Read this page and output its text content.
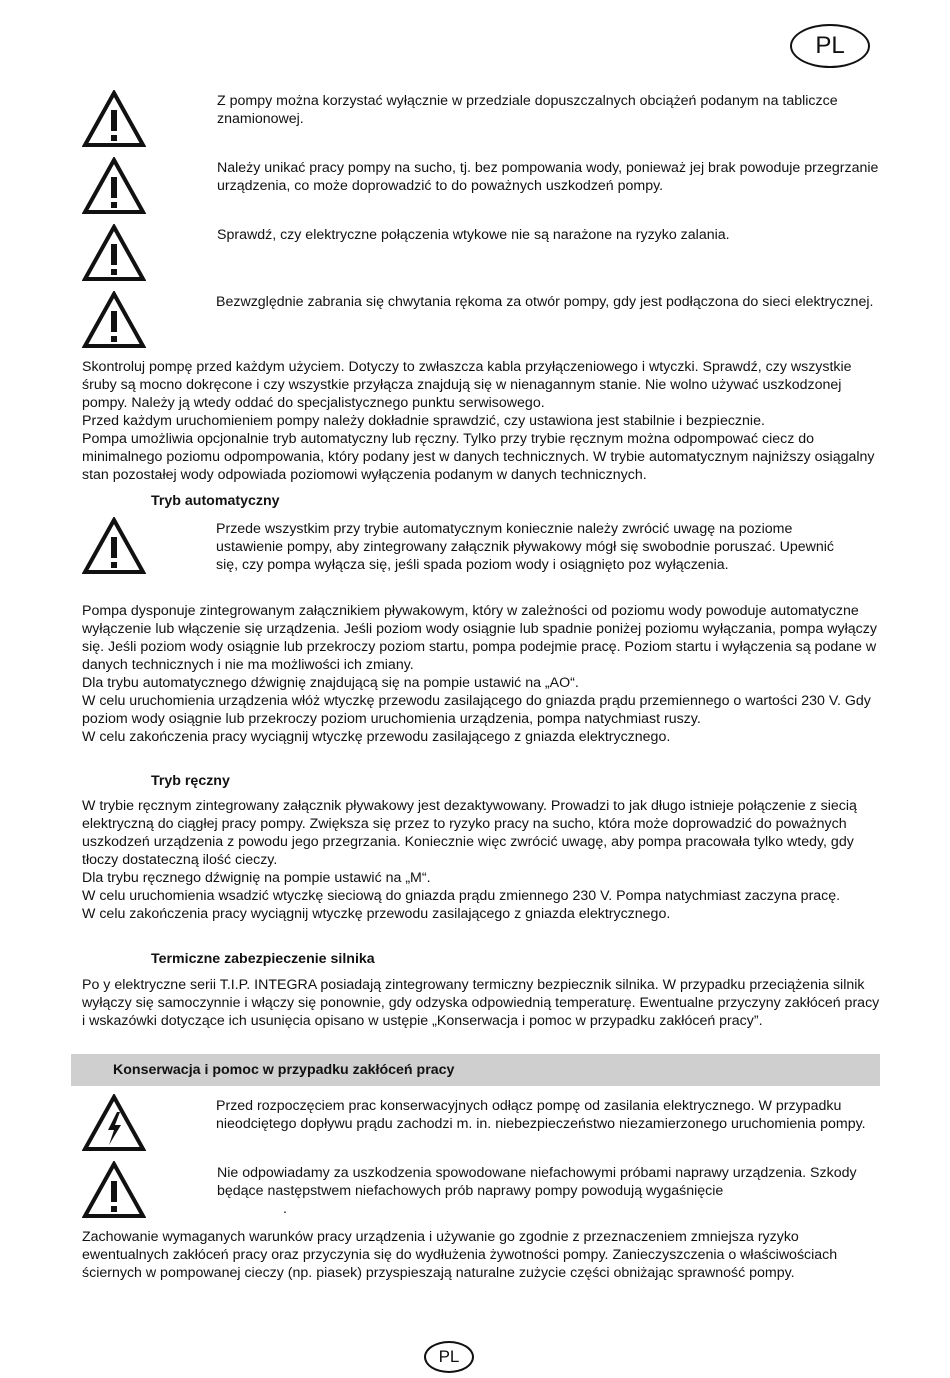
PL
PL
Z pompy można korzystać wyłącznie w przedziale dopuszczalnych obciążeń podanym na tabliczce znamionowej.
Należy unikać pracy pompy na sucho, tj. bez pompowania wody, ponieważ jej brak powoduje przegrzanie urządzenia, co może doprowadzić to do poważnych uszkodzeń pompy.
Sprawdź, czy elektryczne połączenia wtykowe nie są narażone na ryzyko zalania.
Bezwzględnie zabrania się chwytania rękoma za otwór pompy, gdy jest podłączona do sieci elektrycznej.

Skontroluj pompę przed każdym użyciem. Dotyczy to zwłaszcza kabla przyłączeniowego i wtyczki. Sprawdź, czy wszystkie śruby są mocno dokręcone i czy wszystkie przyłącza znajdują się w nienagannym stanie. Nie wolno używać uszkodzonej pompy. Należy ją wtedy oddać do specjalistycznego punktu serwisowego.

Przed każdym uruchomieniem pompy należy dokładnie sprawdzić, czy ustawiona jest stabilnie i bezpiecznie.

Pompa umożliwia opcjonalnie tryb automatyczny lub ręczny. Tylko przy trybie ręcznym można odpompować ciecz do minimalnego poziomu odpompowania, który podany jest w danych technicznych. W trybie automatycznym najniższy osiągalny stan pozostałej wody odpowiada poziomowi wyłączenia podanym w danych technicznych.

Tryb automatyczny
Przede wszystkim przy trybie automatycznym koniecznie należy zwrócić uwagę na poziome ustawienie pompy, aby zintegrowany załącznik pływakowy mógł się swobodnie poruszać. Upewnić się, czy pompa wyłącza się, jeśli spada poziom wody i osiągnięto poz wyłączenia.

Pompa dysponuje zintegrowanym załącznikiem pływakowym, który w zależności od poziomu wody powoduje automatyczne wyłączenie lub włączenie się urządzenia. Jeśli poziom wody osiągnie lub spadnie poniżej poziomu wyłączania, pompa wyłączy się. Jeśli poziom wody osiągnie lub przekroczy poziom startu, pompa podejmie pracę. Poziom startu i wyłączenia są podane w danych technicznych i nie ma możliwości ich zmiany.

Dla trybu automatycznego dźwignię znajdującą się na pompie ustawić na „AO“.

W celu uruchomienia urządzenia włóż wtyczkę przewodu zasilającego do gniazda prądu przemiennego o wartości 230 V. Gdy poziom wody osiągnie lub przekroczy poziom uruchomienia urządzenia, pompa natychmiast ruszy.

W celu zakończenia pracy wyciągnij wtyczkę przewodu zasilającego z gniazda elektrycznego.

Tryb ręczny

W trybie ręcznym zintegrowany załącznik pływakowy jest dezaktywowany. Prowadzi to jak długo istnieje połączenie z siecią elektryczną do ciągłej pracy pompy. Zwiększa się przez to ryzyko pracy na sucho, która może doprowadzić do poważnych uszkodzeń urządzenia z powodu jego przegrzania. Koniecznie więc zwrócić uwagę, aby pompa pracowała tylko wtedy, gdy tłoczy dostateczną ilość cieczy.

Dla trybu ręcznego dźwignię na pompie ustawić na „M“.

W celu uruchomienia wsadzić wtyczkę sieciową do gniazda prądu zmiennego 230 V. Pompa natychmiast zaczyna pracę.

W celu zakończenia pracy wyciągnij wtyczkę przewodu zasilającego z gniazda elektrycznego.

Termiczne zabezpieczenie silnika

Po y elektryczne serii T.I.P. INTEGRA posiadają zintegrowany termiczny bezpiecznik silnika. W przypadku przeciążenia silnik wyłączy się samoczynnie i włączy się ponownie, gdy odzyska odpowiednią temperaturę. Ewentualne przyczyny zakłóceń pracy i wskazówki dotyczące ich usunięcia opisano w ustępie „Konserwacja i pomoc w przypadku zakłóceń pracy”.

Konserwacja i pomoc w przypadku zakłóceń pracy
Przed rozpoczęciem prac konserwacyjnych odłącz pompę od zasilania elektrycznego. W przypadku nieodciętego dopływu prądu zachodzi m. in. niebezpieczeństwo niezamierzonego uruchomienia pompy.
Nie odpowiadamy za uszkodzenia spowodowane niefachowymi próbami naprawy urządzenia. Szkody będące następstwem niefachowych prób naprawy pompy powodują wygaśnięcie
.

Zachowanie wymaganych warunków pracy urządzenia i używanie go zgodnie z przeznaczeniem zmniejsza ryzyko ewentualnych zakłóceń pracy oraz przyczynia się do wydłużenia żywotności pompy. Zanieczyszczenia o właściwościach ściernych w pompowanej cieczy (np. piasek) przyspieszają naturalne zużycie części obniżając sprawność pompy.
